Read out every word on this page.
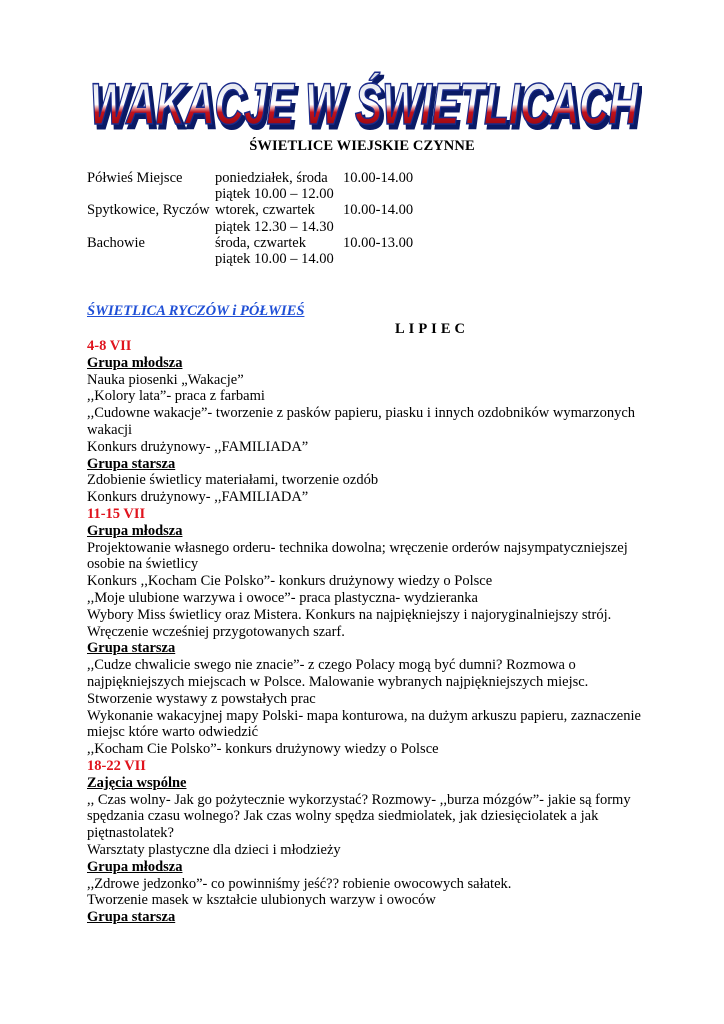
WAKACJE W ŚWIETLICACH
WAKACJE W ŚWIETLICACH
ŚWIETLICE WIEJSKIE CZYNNE
Półwieś Miejsce poniedziałek, środa 10.00-14.00
piątek 10.00 – 12.00
Spytkowice, Ryczów wtorek, czwartek 10.00-14.00
piątek 12.30 – 14.30
Bachowie	środa, czwartek	10.00-13.00
piątek 10.00 – 14.00
ŚWIETLICA RYCZÓW i PÓŁWIEŚ
LIPIEC
4-8 VII
Grupa młodsza
Nauka piosenki „Wakacje”
,,Kolory lata”- praca z farbami
,,Cudowne wakacje”- tworzenie z pasków papieru, piasku i innych ozdobników wymarzonych wakacji
Konkurs drużynowy- ,,FAMILIADA”
Grupa starsza
Zdobienie świetlicy materiałami, tworzenie ozdób
Konkurs drużynowy- ,,FAMILIADA”
11-15 VII
Grupa młodsza
Projektowanie własnego orderu- technika dowolna; wręczenie orderów najsympatyczniejszej osobie na świetlicy
Konkurs ,,Kocham Cie Polsko”- konkurs drużynowy wiedzy o Polsce
,,Moje ulubione warzywa i owoce”- praca plastyczna- wydzieranka
Wybory Miss świetlicy oraz Mistera. Konkurs na najpiękniejszy i najoryginalniejszy strój. Wręczenie wcześniej przygotowanych szarf.
Grupa starsza
,,Cudze chwalicie swego nie znacie”- z czego Polacy mogą być dumni? Rozmowa o najpiękniejszych miejscach w Polsce. Malowanie wybranych najpiękniejszych miejsc. Stworzenie wystawy z powstałych prac
Wykonanie wakacyjnej mapy Polski- mapa konturowa, na dużym arkuszu papieru, zaznaczenie miejsc które warto odwiedzić
,,Kocham Cie Polsko”- konkurs drużynowy wiedzy o Polsce
18-22 VII
Zajęcia wspólne
,, Czas wolny- Jak go pożytecznie wykorzystać? Rozmowy- ,,burza mózgów”- jakie są formy spędzania czasu wolnego? Jak czas wolny spędza siedmiolatek, jak dziesięciolatek a jak piętnastolatek?
Warsztaty plastyczne dla dzieci i młodzieży
Grupa młodsza
,,Zdrowe jedzonko”- co powinniśmy jeść?? robienie owocowych sałatek.
Tworzenie masek w kształcie ulubionych warzyw i owoców
Grupa starsza
